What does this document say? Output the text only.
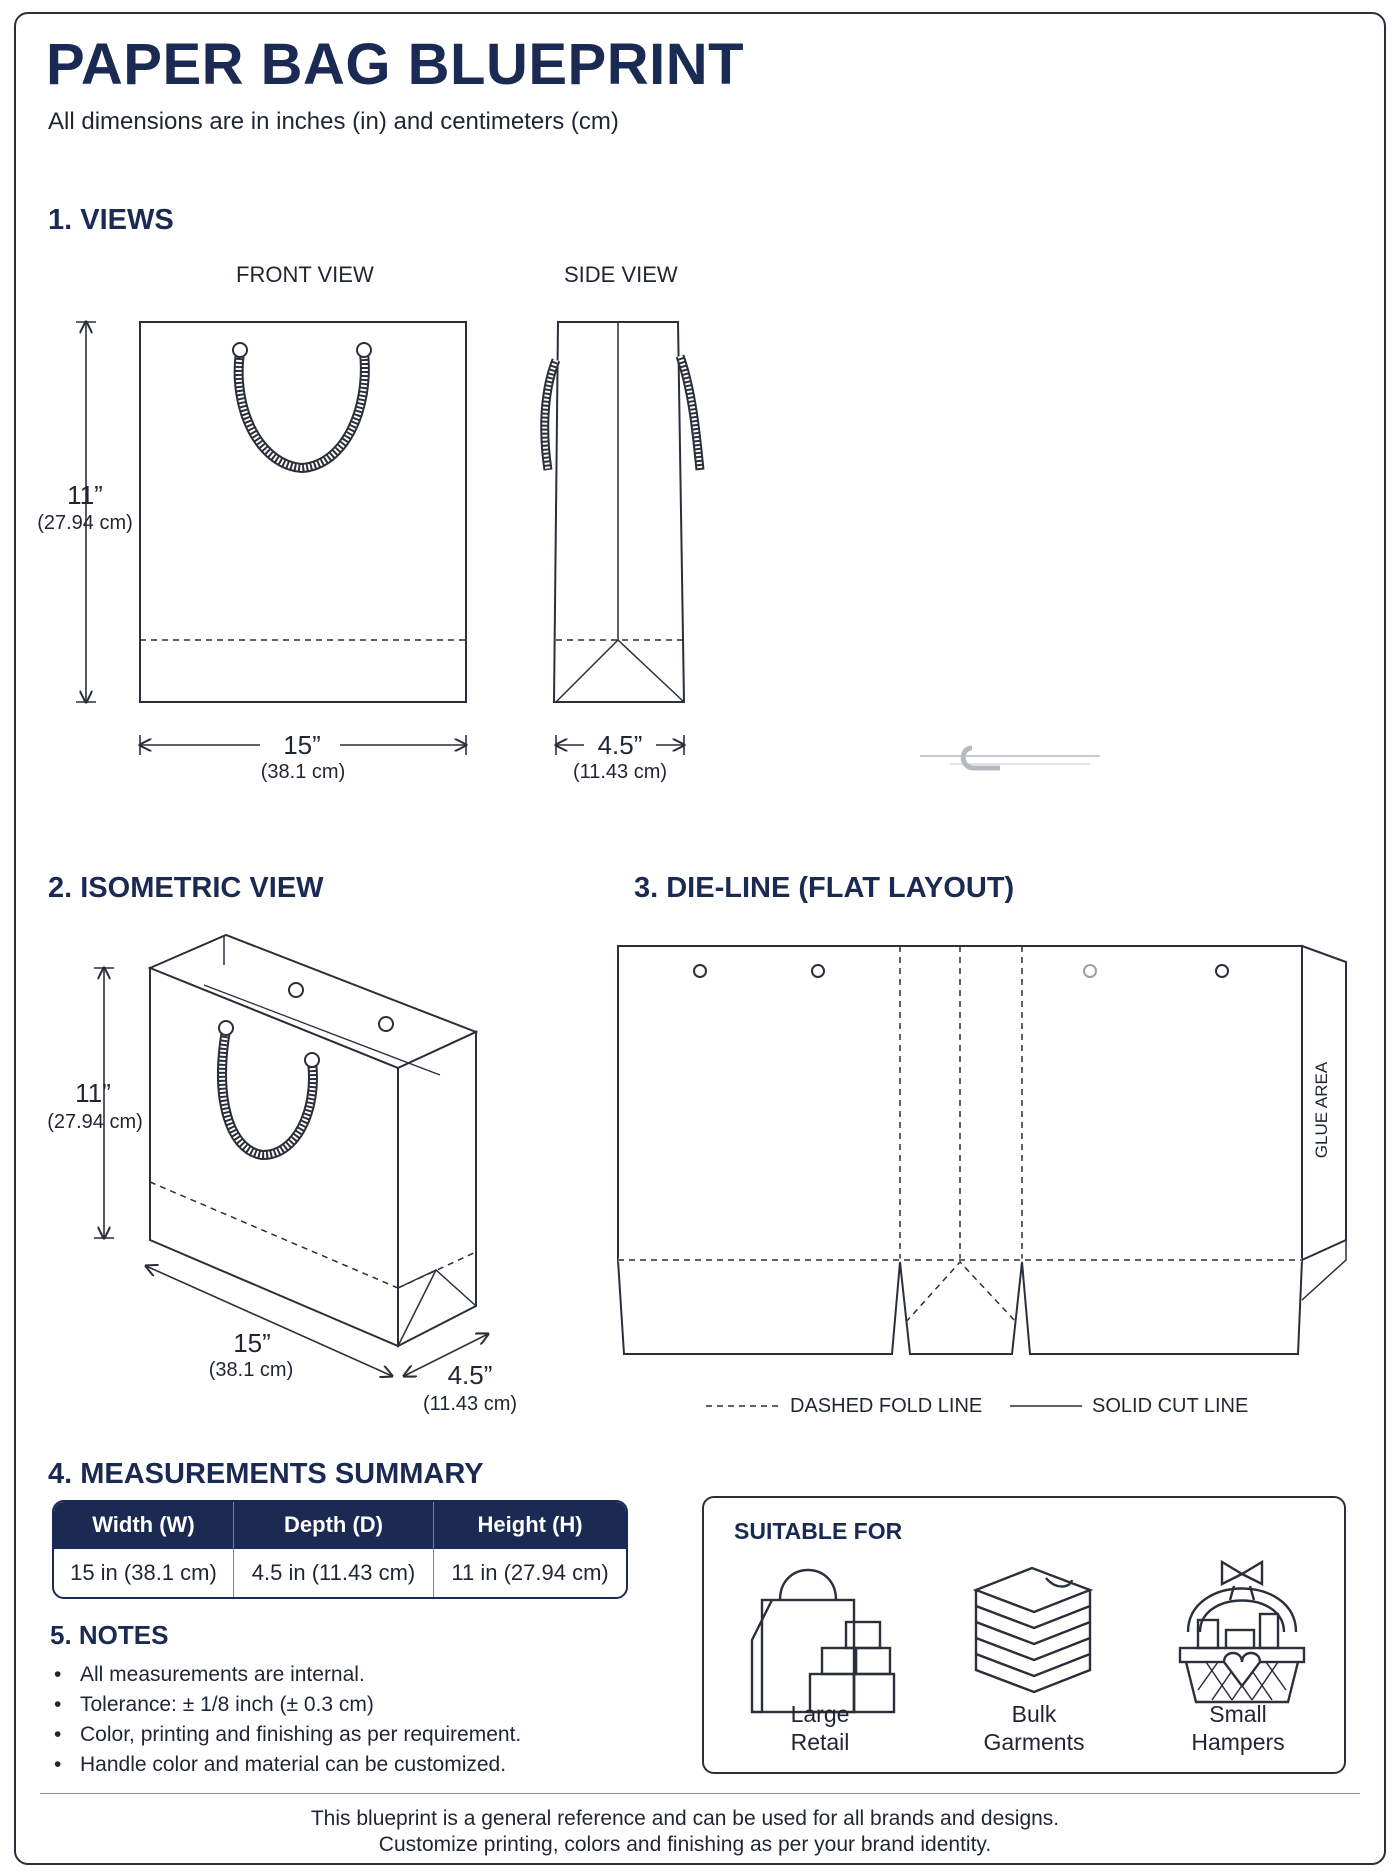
PAPER BAG BLUEPRINT
All dimensions are in inches (in) and centimeters (cm)
1. VIEWS
2. ISOMETRIC VIEW	3. DIE-LINE (FLAT LAYOUT)
4. MEASUREMENTS SUMMARY
5. NOTES
FRONT VIEW	SIDE VIEW
11”
(27.94 cm)
15”
(38.1 cm)
4.5”
(11.43 cm)
11”
(27.94 cm)
15”
(38.1 cm)	4.5”
(11.43 cm)
GLUE AREA
DASHED FOLD LINE	SOLID CUT LINE
Width (W)	Depth (D)	Height (H)
15 in (38.1 cm)	4.5 in (11.43 cm)	11 in (27.94 cm)
• All measurements are internal.
• Tolerance: ± 1/8 inch (± 0.3 cm)
• Color, printing and finishing as per requirement.
• Handle color and material can be customized.
SUITABLE FOR
Large
Retail
Bulk
Garments
Small
Hampers
This blueprint is a general reference and can be used for all brands and designs.
Customize printing, colors and finishing as per your brand identity.
